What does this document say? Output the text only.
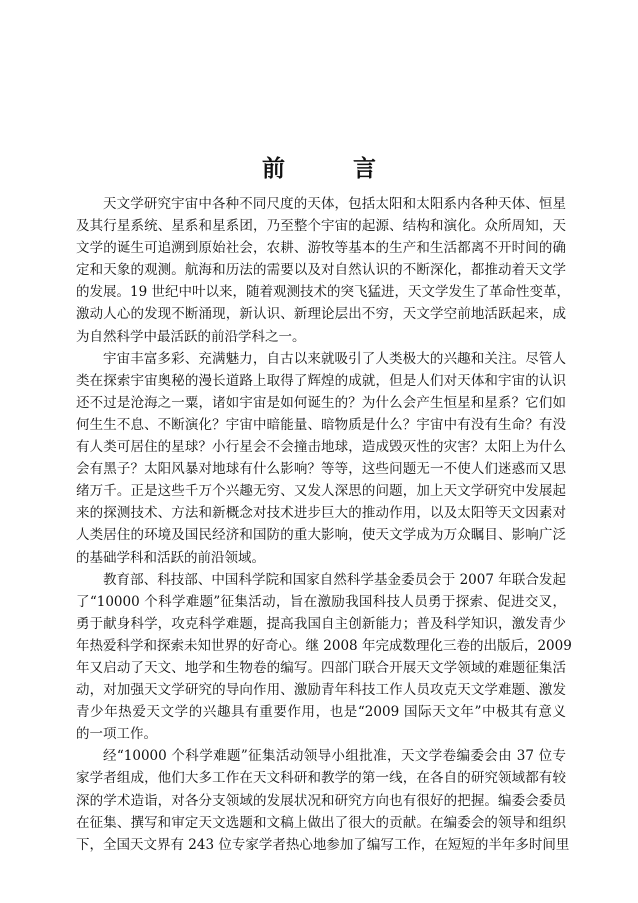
前 言
天文学研究宇宙中各种不同尺度的天体，包括太阳和太阳系内各种天体、恒星
及其行星系统、星系和星系团，乃至整个宇宙的起源、结构和演化。众所周知，天
文学的诞生可追溯到原始社会，农耕、游牧等基本的生产和生活都离不开时间的确
定和天象的观测。航海和历法的需要以及对自然认识的不断深化，都推动着天文学
的发展。19 世纪中叶以来，随着观测技术的突飞猛进，天文学发生了革命性变革，
激动人心的发现不断涌现，新认识、新理论层出不穷，天文学空前地活跃起来，成
为自然科学中最活跃的前沿学科之一。
宇宙丰富多彩、充满魅力，自古以来就吸引了人类极大的兴趣和关注。尽管人
类在探索宇宙奥秘的漫长道路上取得了辉煌的成就，但是人们对天体和宇宙的认识
还不过是沧海之一粟，诸如宇宙是如何诞生的？为什么会产生恒星和星系？它们如
何生生不息、不断演化？宇宙中暗能量、暗物质是什么？宇宙中有没有生命？有没
有人类可居住的星球？小行星会不会撞击地球，造成毁灭性的灾害？太阳上为什么
会有黑子？太阳风暴对地球有什么影响？等等，这些问题无一不使人们迷惑而又思
绪万千。正是这些千万个兴趣无穷、又发人深思的问题，加上天文学研究中发展起
来的探测技术、方法和新概念对技术进步巨大的推动作用，以及太阳等天文因素对
人类居住的环境及国民经济和国防的重大影响，使天文学成为万众瞩目、影响广泛
的基础学科和活跃的前沿领域。
教育部、科技部、中国科学院和国家自然科学基金委员会于 2007 年联合发起
了“10000 个科学难题”征集活动，旨在激励我国科技人员勇于探索、促进交叉，
勇于献身科学，攻克科学难题，提高我国自主创新能力；普及科学知识，激发青少
年热爱科学和探索未知世界的好奇心。继 2008 年完成数理化三卷的出版后，2009
年又启动了天文、地学和生物卷的编写。四部门联合开展天文学领域的难题征集活
动，对加强天文学研究的导向作用、激励青年科技工作人员攻克天文学难题、激发
青少年热爱天文学的兴趣具有重要作用，也是“2009 国际天文年”中极其有意义
的一项工作。
经“10000 个科学难题”征集活动领导小组批准，天文学卷编委会由 37 位专
家学者组成，他们大多工作在天文科研和教学的第一线，在各自的研究领域都有较
深的学术造诣，对各分支领域的发展状况和研究方向也有很好的把握。编委会委员
在征集、撰写和审定天文选题和文稿上做出了很大的贡献。在编委会的领导和组织
下，全国天文界有 243 位专家学者热心地参加了编写工作，在短短的半年多时间里
